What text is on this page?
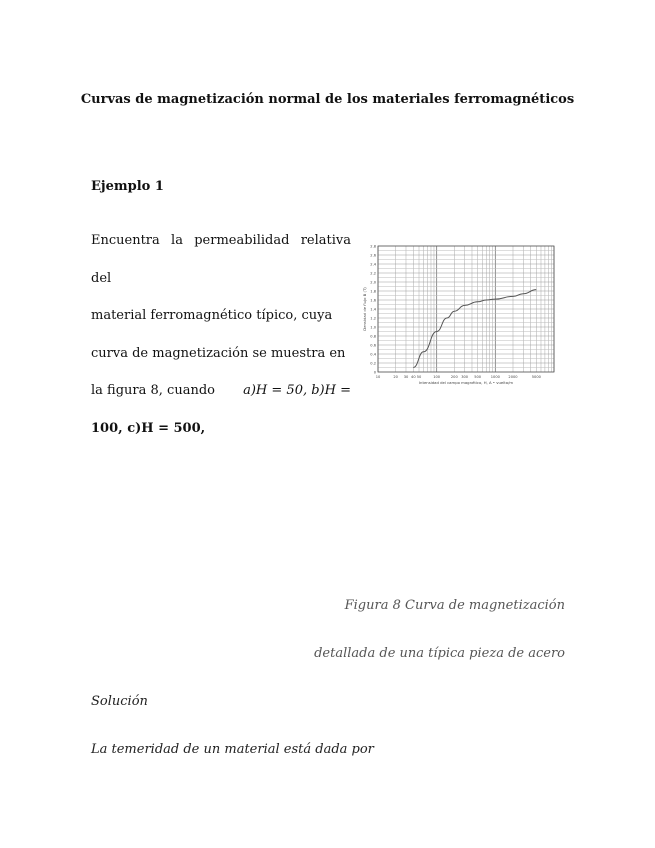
Curvas de magnetización normal de los materiales ferromagnéticos
Ejemplo 1
Encuentra la permeabilidad relativa del
material ferromagnético típico, cuya
curva de magnetización se muestra en
la figura 8, cuando a)H = 50, b)H =
100, c)H = 500,
0
0.2
0.4
0.6
0.8
1.0
1.2
1.4
1.6
1.8
2.0
2.2
2.4
2.6
2.8
10	20 30 40 50	100	200 300 500	1000 2000	5000
Intensidad del campo magnético, H, A • vuelta/m
Densidad de flujo B (T)
Figura 8 Curva de magnetización
detallada de una típica pieza de acero
Solución
La temeridad de un material está dada por
